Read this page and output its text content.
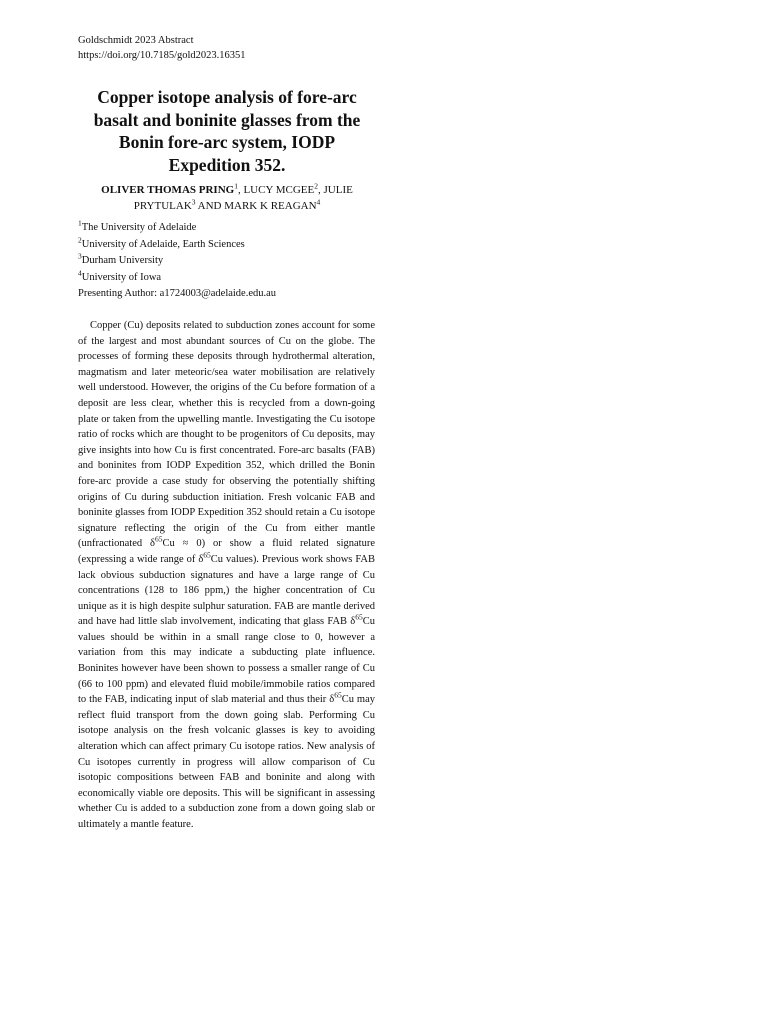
Goldschmidt 2023 Abstract
https://doi.org/10.7185/gold2023.16351
Copper isotope analysis of fore-arc basalt and boninite glasses from the Bonin fore-arc system, IODP Expedition 352.
OLIVER THOMAS PRING$^1$, LUCY MCGEE$^2$, JULIE PRYTULAK$^3$ AND MARK K REAGAN$^4$
$^1$The University of Adelaide
$^2$University of Adelaide, Earth Sciences
$^3$Durham University
$^4$University of Iowa
Presenting Author: a1724003@adelaide.edu.au

Copper (Cu) deposits related to subduction zones account for some of the largest and most abundant sources of Cu on the globe. The processes of forming these deposits through hydrothermal alteration, magmatism and later meteoric/sea water mobilisation are relatively well understood. However, the origins of the Cu before formation of a deposit are less clear, whether this is recycled from a down-going plate or taken from the upwelling mantle. Investigating the Cu isotope ratio of rocks which are thought to be progenitors of Cu deposits, may give insights into how Cu is first concentrated. Fore-arc basalts (FAB) and boninites from IODP Expedition 352, which drilled the Bonin fore-arc provide a case study for observing the potentially shifting origins of Cu during subduction initiation. Fresh volcanic FAB and boninite glasses from IODP Expedition 352 should retain a Cu isotope signature reflecting the origin of the Cu from either mantle (unfractionated $\delta^{65}Cu \approx 0$) or show a fluid related signature (expressing a wide range of $\delta^{65}Cu$ values). Previous work shows FAB lack obvious subduction signatures and have a large range of Cu concentrations (128 to 186 ppm,) the higher concentration of Cu unique as it is high despite sulphur saturation. FAB are mantle derived and have had little slab involvement, indicating that glass FAB $\delta^{65}Cu$ values should be within in a small range close to 0, however a variation from this may indicate a subducting plate influence. Boninites however have been shown to possess a smaller range of Cu (66 to 100 ppm) and elevated fluid mobile/immobile ratios compared to the FAB, indicating input of slab material and thus their $\delta^{65}Cu$ may reflect fluid transport from the down going slab. Performing Cu isotope analysis on the fresh volcanic glasses is key to avoiding alteration which can affect primary Cu isotope ratios. New analysis of Cu isotopes currently in progress will allow comparison of Cu isotopic compositions between FAB and boninite and along with economically viable ore deposits. This will be significant in assessing whether Cu is added to a subduction zone from a down going slab or ultimately a mantle feature.
